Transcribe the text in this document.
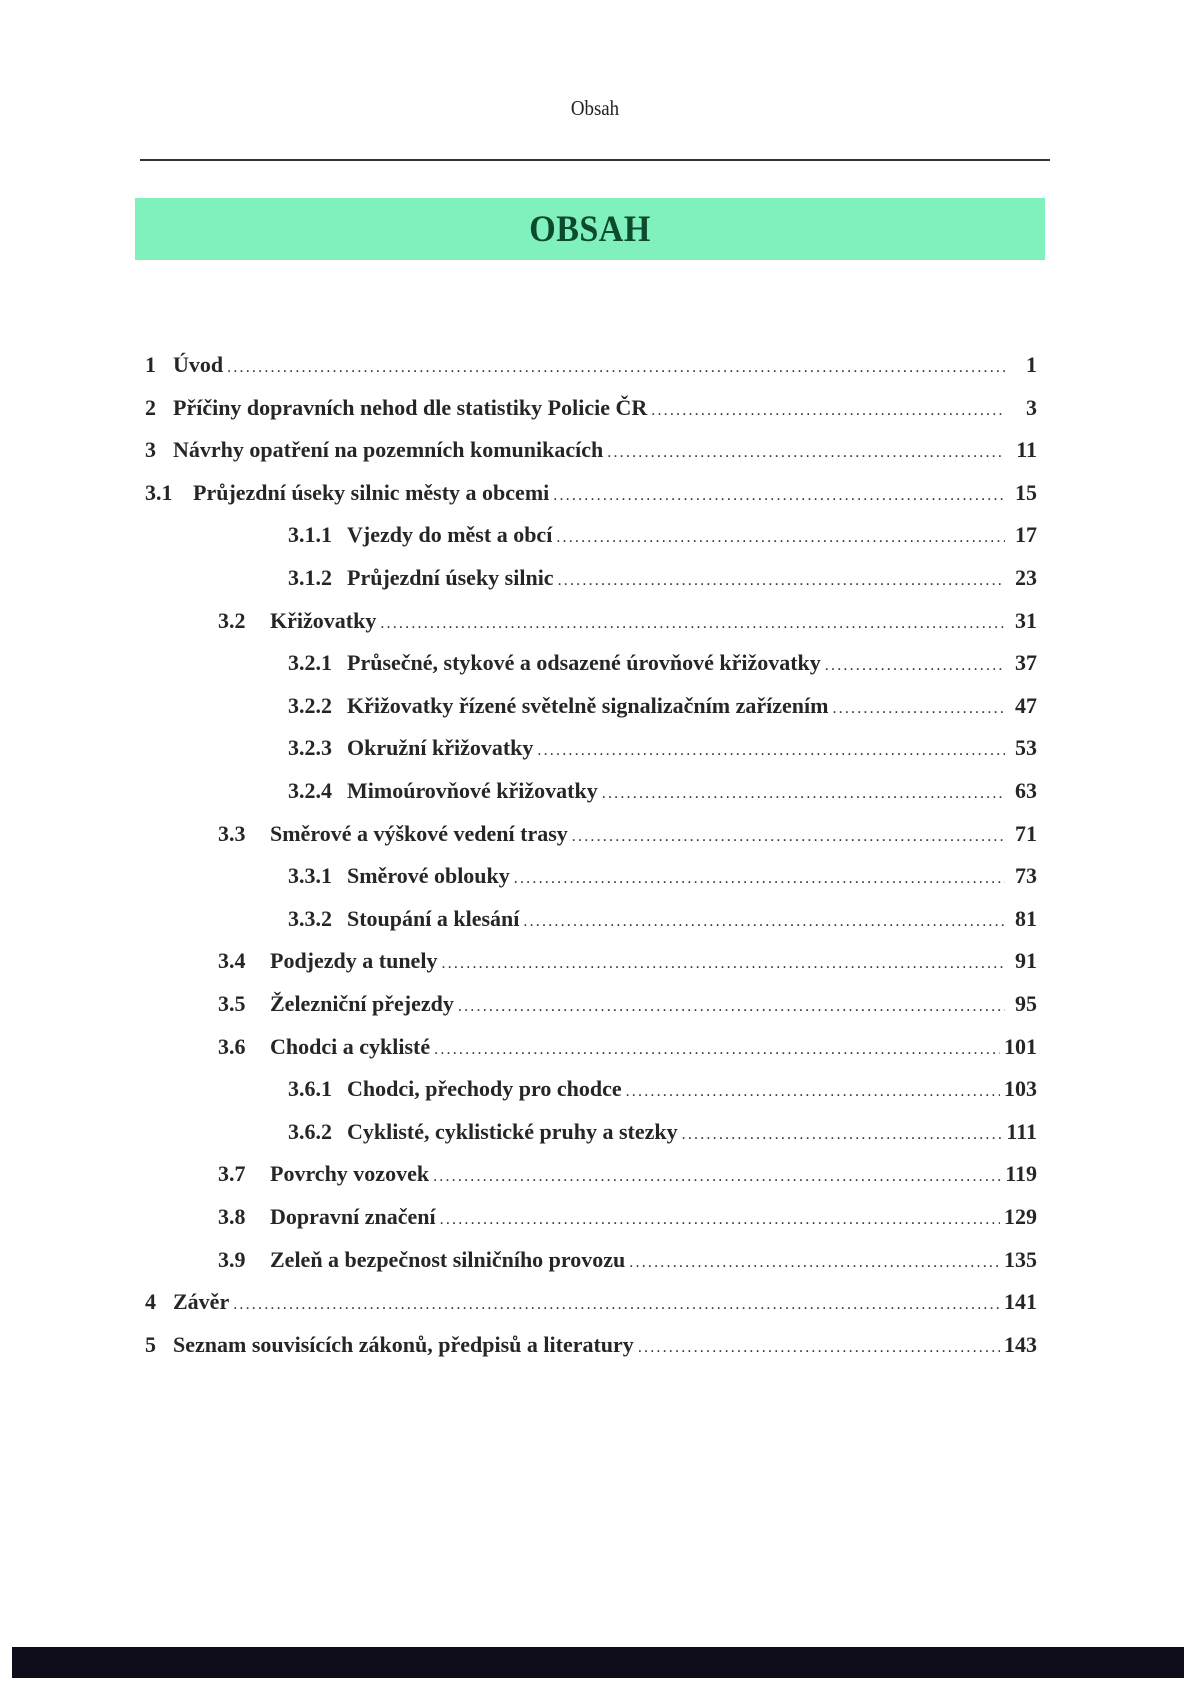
Obsah
OBSAH
1 Úvod .....	1
2 Příčiny dopravních nehod dle statistiky Policie ČR .....	3
3 Návrhy opatření na pozemních komunikacích .....	11
3.1 Průjezdní úseky silnic městy a obcemi .....	15
3.1.1 Vjezdy do měst a obcí .....	17
3.1.2 Průjezdní úseky silnic .....	23
3.2	Křižovatky .....	31
3.2.1 Průsečné, stykové a odsazené úrovňové křižovatky .....	37
3.2.2 Křižovatky řízené světelně signalizačním zařízením .....	47
3.2.3 Okružní křižovatky .....	53
3.2.4 Mimoúrovňové křižovatky .....	63
3.3	Směrové a výškové vedení trasy .....	71
3.3.1 Směrové oblouky .....	73
3.3.2 Stoupání a klesání .....	81
3.4	Podjezdy a tunely .....	91
3.5	Železniční přejezdy .....	95
3.6	Chodci a cyklisté .....	101
3.6.1 Chodci, přechody pro chodce .....	103
3.6.2 Cyklisté, cyklistické pruhy a stezky .....	111
3.7	Povrchy vozovek .....	119
3.8	Dopravní značení .....	129
3.9	Zeleň a bezpečnost silničního provozu .....	135
4 Závěr .....	141
5 Seznam souvisících zákonů, předpisů a literatury .....	143
